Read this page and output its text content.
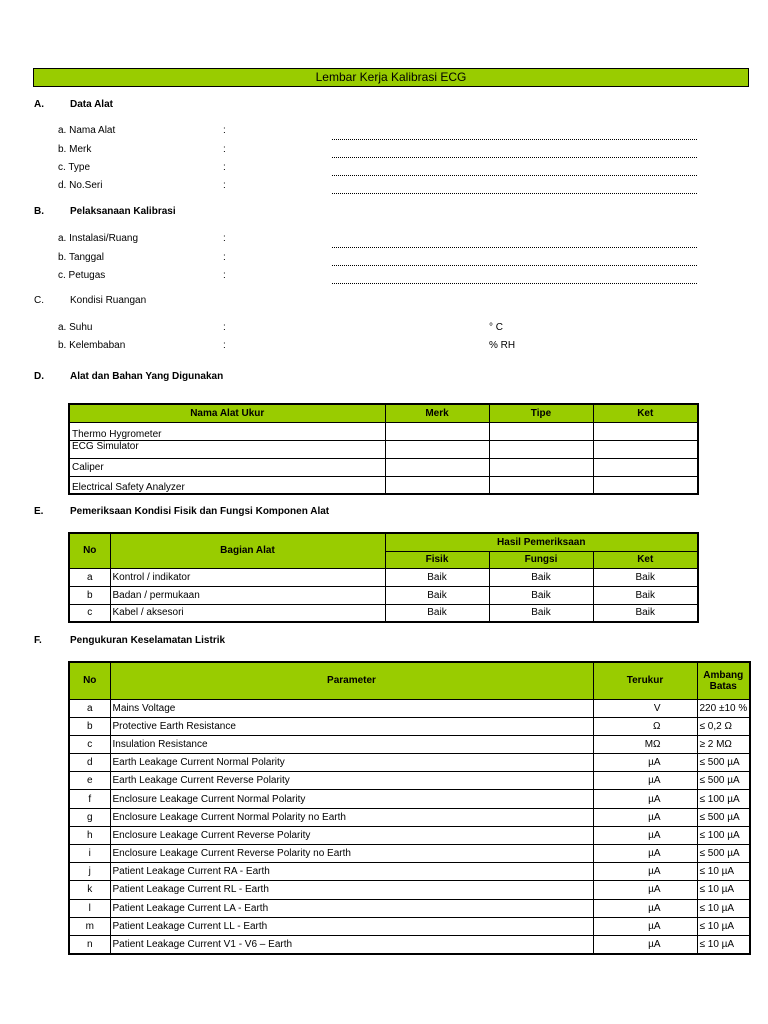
Lembar Kerja Kalibrasi ECG
A.	Data Alat
a. Nama Alat	:
b. Merk	:
c. Type	:
d. No.Seri	:
B.	Pelaksanaan Kalibrasi
a. Instalasi/Ruang	:
b. Tanggal	:
c. Petugas	:
C.	Kondisi Ruangan
a. Suhu	:	° C
b. Kelembaban	:	% RH
D.	Alat dan Bahan Yang Digunakan
Nama Alat Ukur	Merk	Tipe	Ket
Thermo Hygrometer			
ECG Simulator			
Caliper			
Electrical Safety Analyzer			
E.	Pemeriksaan Kondisi Fisik dan Fungsi Komponen Alat
No	Bagian Alat	Hasil Pemeriksaan		
		Fisik	Fungsi	Ket
a	Kontrol / indikator	Baik	Baik	Baik
b	Badan / permukaan	Baik	Baik	Baik
c	Kabel / aksesori	Baik	Baik	Baik
F.	Pengukuran Keselamatan Listrik
No	Parameter	Terukur	Ambang
Batas
a	Mains Voltage	V	220 ±10 %
b	Protective Earth Resistance	Ω	≤ 0,2 Ω
c	Insulation Resistance	MΩ	≥ 2 MΩ
d	Earth Leakage Current Normal Polarity	µA	≤ 500 µA
e	Earth Leakage Current Reverse Polarity	µA	≤ 500 µA
f	Enclosure Leakage Current Normal Polarity	µA	≤ 100 µA
g	Enclosure Leakage Current Normal Polarity no Earth	µA	≤ 500 µA
h	Enclosure Leakage Current Reverse Polarity	µA	≤ 100 µA
i	Enclosure Leakage Current Reverse Polarity no Earth	µA	≤ 500 µA
j	Patient Leakage Current RA - Earth	µA	≤ 10 µA
k	Patient Leakage Current RL - Earth	µA	≤ 10 µA
l	Patient Leakage Current LA - Earth	µA	≤ 10 µA
m	Patient Leakage Current LL - Earth	µA	≤ 10 µA
n	Patient Leakage Current V1 - V6 – Earth	µA	≤ 10 µA
